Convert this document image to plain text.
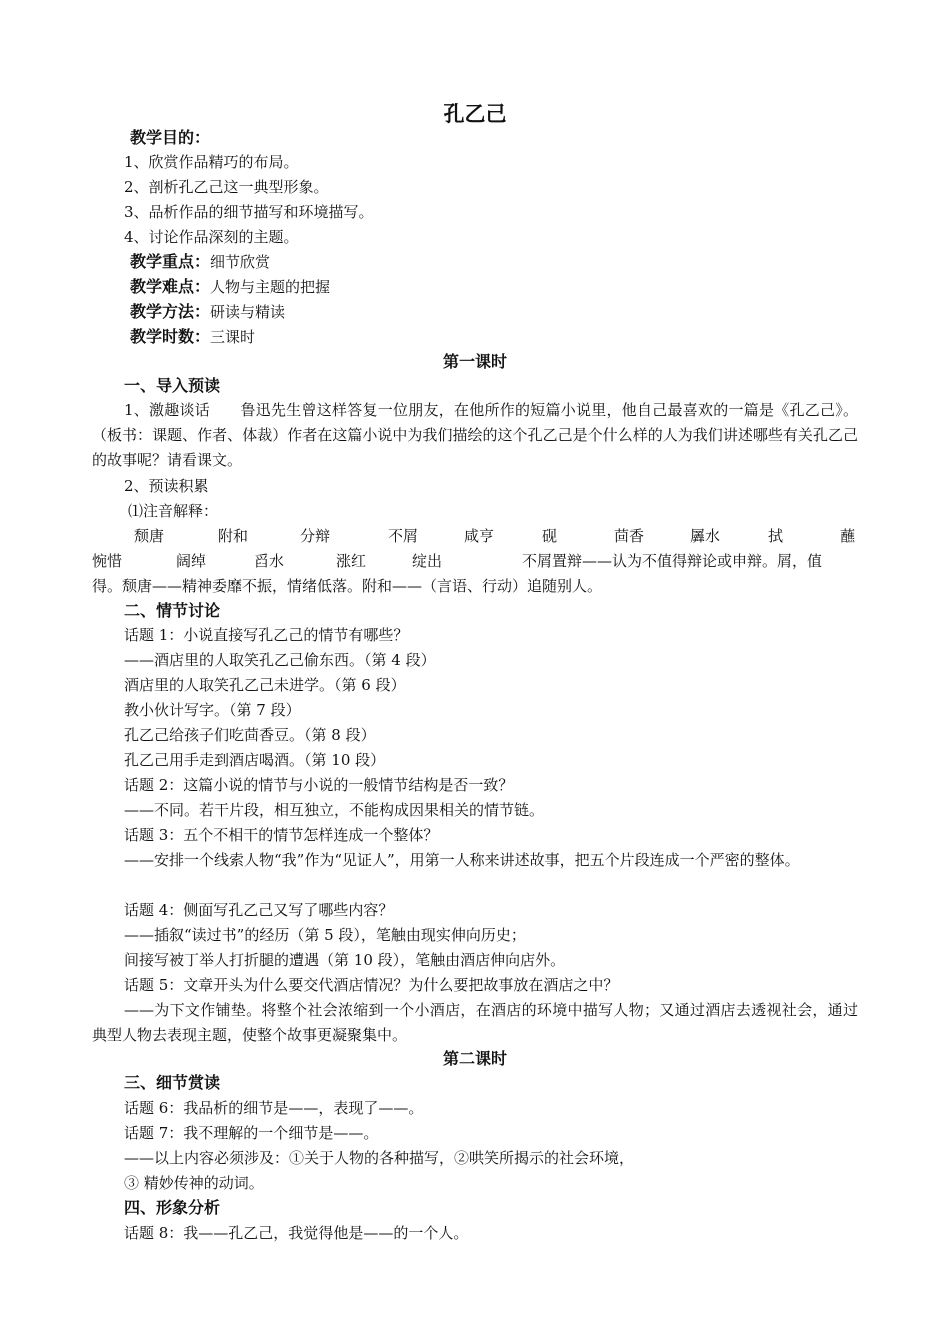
孔乙己
教学目的：
1、欣赏作品精巧的布局。
2、剖析孔乙己这一典型形象。
3、品析作品的细节描写和环境描写。
4、讨论作品深刻的主题。
教学重点：细节欣赏
教学难点：人物与主题的把握
教学方法：研读与精读
教学时数：三课时
第一课时
一、导入预读
1、激趣谈话　　鲁迅先生曾这样答复一位朋友，在他所作的短篇小说里，他自己最喜欢的一篇是《孔乙己》。（板书：课题、作者、体裁）作者在这篇小说中为我们描绘的这个孔乙己是个什么样的人为我们讲述哪些有关孔乙己的故事呢？请看课文。
2、预读积累
⑴注音解释：
颓唐	附和	分辩	不屑	咸亨	砚	茴香	羼水	拭	蘸
惋惜	阔绰	舀水	涨红	绽出	不屑置辩——认为不值得辩论或申辩。屑，值
得。颓唐——精神委靡不振，情绪低落。附和——（言语、行动）追随别人。
二、情节讨论
话题 1：小说直接写孔乙己的情节有哪些？
——酒店里的人取笑孔乙己偷东西。（第 4 段）
酒店里的人取笑孔乙己未进学。（第 6 段）
教小伙计写字。（第 7 段）
孔乙己给孩子们吃茴香豆。（第 8 段）
孔乙己用手走到酒店喝酒。（第 10 段）
话题 2：这篇小说的情节与小说的一般情节结构是否一致？
——不同。若干片段，相互独立，不能构成因果相关的情节链。
话题 3：五个不相干的情节怎样连成一个整体？
——安排一个线索人物“我”作为“见证人”，用第一人称来讲述故事，把五个片段连成一个严密的整体。
话题 4：侧面写孔乙己又写了哪些内容？
——插叙“读过书”的经历（第 5 段），笔触由现实伸向历史；
间接写被丁举人打折腿的遭遇（第 10 段），笔触由酒店伸向店外。
话题 5：文章开头为什么要交代酒店情况？为什么要把故事放在酒店之中？
——为下文作铺垫。将整个社会浓缩到一个小酒店，在酒店的环境中描写人物；又通过酒店去透视社会，通过典型人物去表现主题，使整个故事更凝聚集中。
第二课时
三、细节赏读
话题 6：我品析的细节是——，表现了——。
话题 7：我不理解的一个细节是——。
——以上内容必须涉及：①关于人物的各种描写，②哄笑所揭示的社会环境，
③ 精妙传神的动词。
四、形象分析
话题 8：我——孔乙己，我觉得他是——的一个人。
